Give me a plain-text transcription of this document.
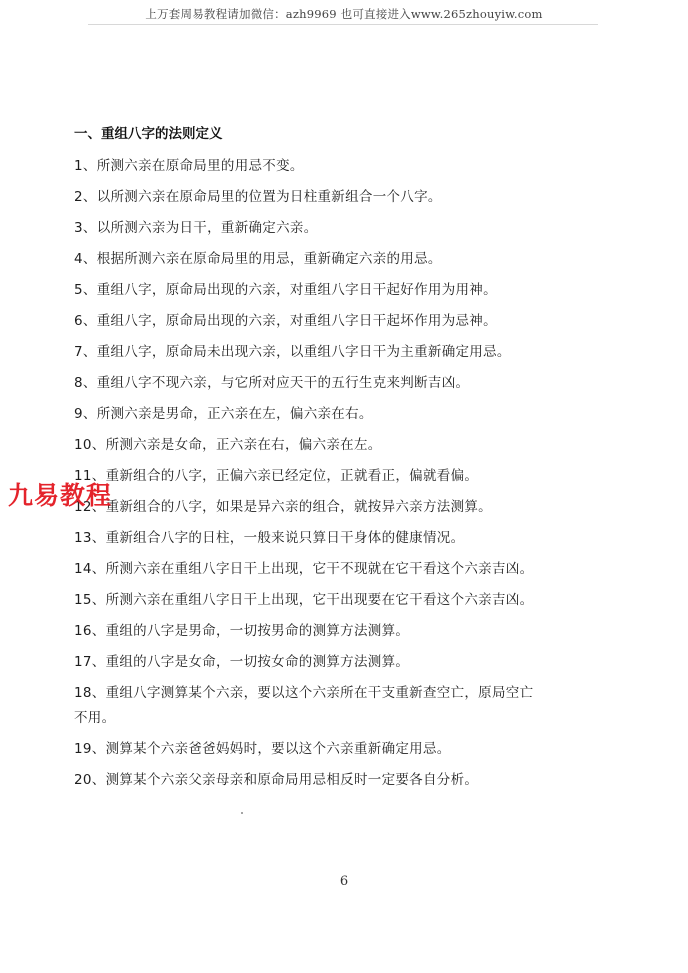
上万套周易教程请加微信：azh9969 也可直接进入www.265zhouyiw.com
一、重组八字的法则定义
1、所测六亲在原命局里的用忌不变。
2、以所测六亲在原命局里的位置为日柱重新组合一个八字。
3、以所测六亲为日干，重新确定六亲。
4、根据所测六亲在原命局里的用忌，重新确定六亲的用忌。
5、重组八字，原命局出现的六亲，对重组八字日干起好作用为用神。
6、重组八字，原命局出现的六亲，对重组八字日干起坏作用为忌神。
7、重组八字，原命局未出现六亲，以重组八字日干为主重新确定用忌。
8、重组八字不现六亲，与它所对应天干的五行生克来判断吉凶。
9、所测六亲是男命，正六亲在左，偏六亲在右。
10、所测六亲是女命，正六亲在右，偏六亲在左。
11、重新组合的八字，正偏六亲已经定位，正就看正，偏就看偏。
12、重新组合的八字，如果是异六亲的组合，就按异六亲方法测算。
13、重新组合八字的日柱，一般来说只算日干身体的健康情况。
14、所测六亲在重组八字日干上出现，它干不现就在它干看这个六亲吉凶。
15、所测六亲在重组八字日干上出现，它干出现要在它干看这个六亲吉凶。
16、重组的八字是男命，一切按男命的测算方法测算。
17、重组的八字是女命，一切按女命的测算方法测算。
18、重组八字测算某个六亲，要以这个六亲所在干支重新查空亡，原局空亡
不用。
19、测算某个六亲爸爸妈妈时，要以这个六亲重新确定用忌。
20、测算某个六亲父亲母亲和原命局用忌相反时一定要各自分析。
九易教程
6
